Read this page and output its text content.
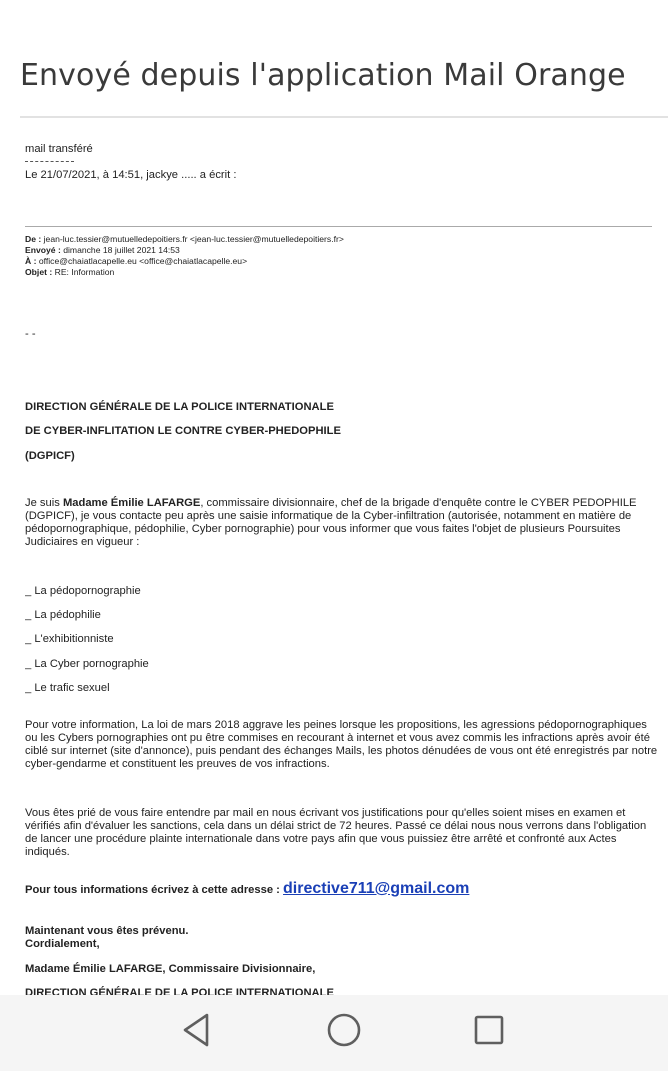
Envoyé depuis l'application Mail Orange
mail transféré
Le 21/07/2021, à 14:51, jackye ..... a écrit :
De : jean-luc.tessier@mutuelledepoitiers.fr <jean-luc.tessier@mutuelledepoitiers.fr>
Envoyé : dimanche 18 juillet 2021 14:53
À : office@chaiatlacapelle.eu <office@chaiatlacapelle.eu>
Objet : RE: Information
- -
DIRECTION GÉNÉRALE DE LA POLICE INTERNATIONALE
DE CYBER-INFLITATION LE CONTRE CYBER-PHEDOPHILE
(DGPICF)

Je suis Madame Émilie LAFARGE, commissaire divisionnaire, chef de la brigade d'enquête contre le CYBER PEDOPHILE (DGPICF), je vous contacte peu après une saisie informatique de la Cyber-infiltration (autorisée, notamment en matière de pédopornographique, pédophilie, Cyber pornographie) pour vous informer que vous faites l'objet de plusieurs Poursuites Judiciaires en vigueur :

_ La pédopornographie
_ La pédophilie
_ L'exhibitionniste
_ La Cyber pornographie
_ Le trafic sexuel

Pour votre information, La loi de mars 2018 aggrave les peines lorsque les propositions, les agressions pédopornographiques ou les Cybers pornographies ont pu être commises en recourant à internet et vous avez commis les infractions après avoir été ciblé sur internet (site d'annonce), puis pendant des échanges Mails, les photos dénudées de vous ont été enregistrés par notre cyber-gendarme et constituent les preuves de vos infractions.

Vous êtes prié de vous faire entendre par mail en nous écrivant vos justifications pour qu'elles soient mises en examen et vérifiés afin d'évaluer les sanctions, cela dans un délai strict de 72 heures. Passé ce délai nous nous verrons dans l'obligation de lancer une procédure plainte internationale dans votre pays afin que vous puissiez être arrêté et confronté aux Actes indiqués.

Pour tous informations écrivez à cette adresse : directive711@gmail.com
Maintenant vous êtes prévenu.
Cordialement,
Madame Émilie LAFARGE, Commissaire Divisionnaire,
DIRECTION GÉNÉRALE DE LA POLICE INTERNATIONALE
